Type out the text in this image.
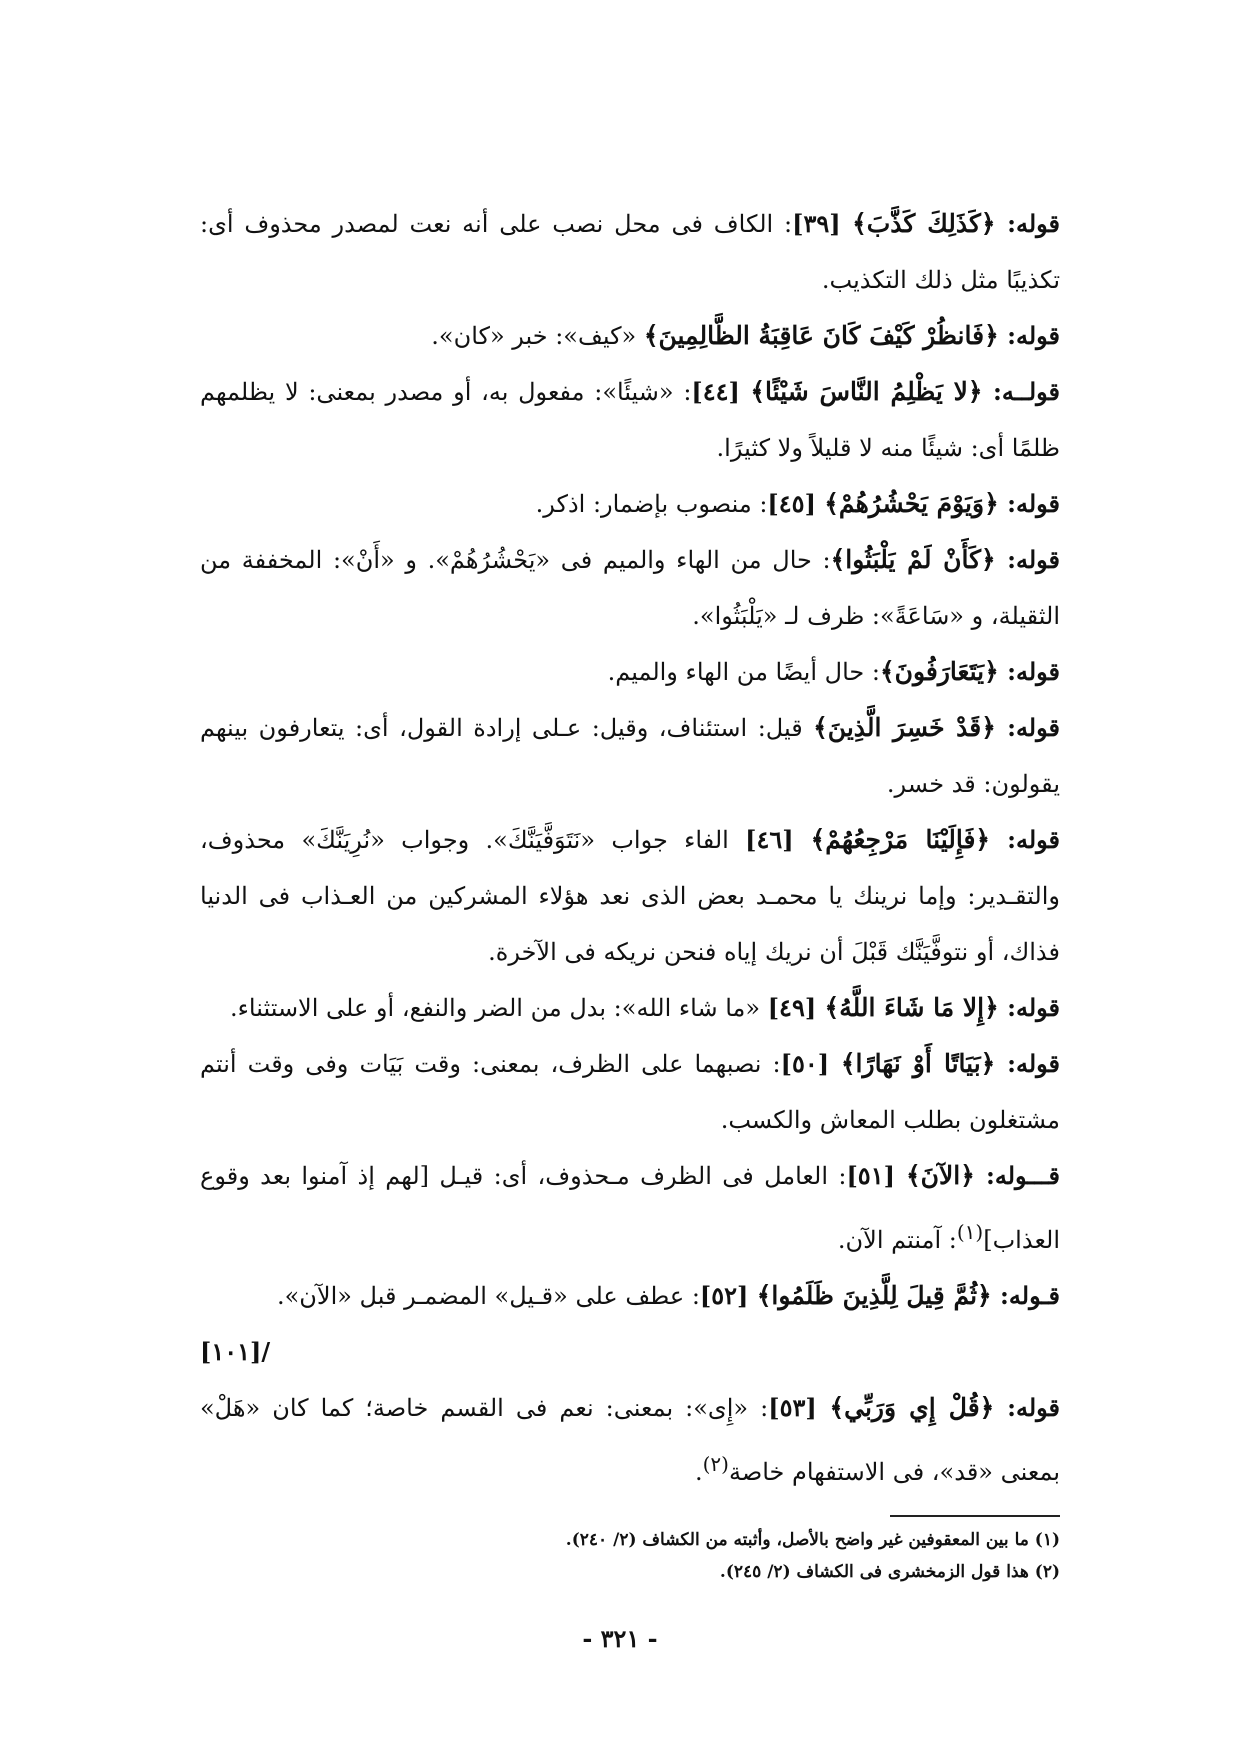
قوله: ﴿كَذَلِكَ كَذَّبَ﴾ [٣٩]: الكاف فى محل نصب على أنه نعت لمصدر محذوف أى: تكذيبًا مثل ذلك التكذيب.

قوله: ﴿فَانظُرْ كَيْفَ كَانَ عَاقِبَةُ الظَّالِمِينَ﴾ «كيف»: خبر «كان».

قولــه: ﴿لا يَظْلِمُ النَّاسَ شَيْئًا﴾ [٤٤]: «شيئًا»: مفعول به، أو مصدر بمعنى: لا يظلمهم ظلمًا أى: شيئًا منه لا قليلاً ولا كثيرًا.

قوله: ﴿وَيَوْمَ يَحْشُرُهُمْ﴾ [٤٥]: منصوب بإضمار: اذكر.

قوله: ﴿كَأَنْ لَمْ يَلْبَثُوا﴾: حال من الهاء والميم فى «يَحْشُرُهُمْ». و «أَنْ»: المخففة من الثقيلة، و «سَاعَةً»: ظرف لـ «يَلْبَثُوا».

قوله: ﴿يَتَعَارَفُونَ﴾: حال أيضًا من الهاء والميم.

قوله: ﴿قَدْ خَسِرَ الَّذِينَ﴾ قيل: استئناف، وقيل: عـلى إرادة القول، أى: يتعارفون بينهم يقولون: قد خسر.

قوله: ﴿فَإِلَيْنَا مَرْجِعُهُمْ﴾ [٤٦] الفاء جواب «نَتَوَفَّيَنَّكَ». وجواب «نُرِيَنَّكَ» محذوف، والتقـدير: وإما نرينك يا محمـد بعض الذى نعد هؤلاء المشركين من العـذاب فى الدنيا فذاك، أو نتوفَّيَنَّك قَبْلَ أن نريك إياه فنحن نريكه فى الآخرة.

قوله: ﴿إِلا مَا شَاءَ اللَّهُ﴾ [٤٩] «ما شاء الله»: بدل من الضر والنفع، أو على الاستثناء.

قوله: ﴿بَيَاتًا أَوْ نَهَارًا﴾ [٥٠]: نصبهما على الظرف، بمعنى: وقت بَيَات وفى وقت أنتم مشتغلون بطلب المعاش والكسب.

قـــوله: ﴿الآنَ﴾ [٥١]: العامل فى الظرف مـحذوف، أى: قيـل [لهم إذ آمنوا بعد وقوع العذاب]$^{(١)}$: آمنتم الآن.

قـوله: ﴿ثُمَّ قِيلَ لِلَّذِينَ ظَلَمُوا﴾ [٥٢]: عطف على «قـيل» المضمـر قبل «الآن».

[١٠١]/

قوله: ﴿قُلْ إِي وَرَبِّي﴾ [٥٣]: «إِى»: بمعنى: نعم فى القسم خاصة؛ كما كان «هَلْ» بمعنى «قد»، فى الاستفهام خاصة$^{(٢)}$.

(١) ما بين المعقوفين غير واضح بالأصل، وأثبته من الكشاف (٢/ ٢٤٠).

(٢) هذا قول الزمخشرى فى الكشاف (٢/ ٢٤٥).

- ٣٢١ -
